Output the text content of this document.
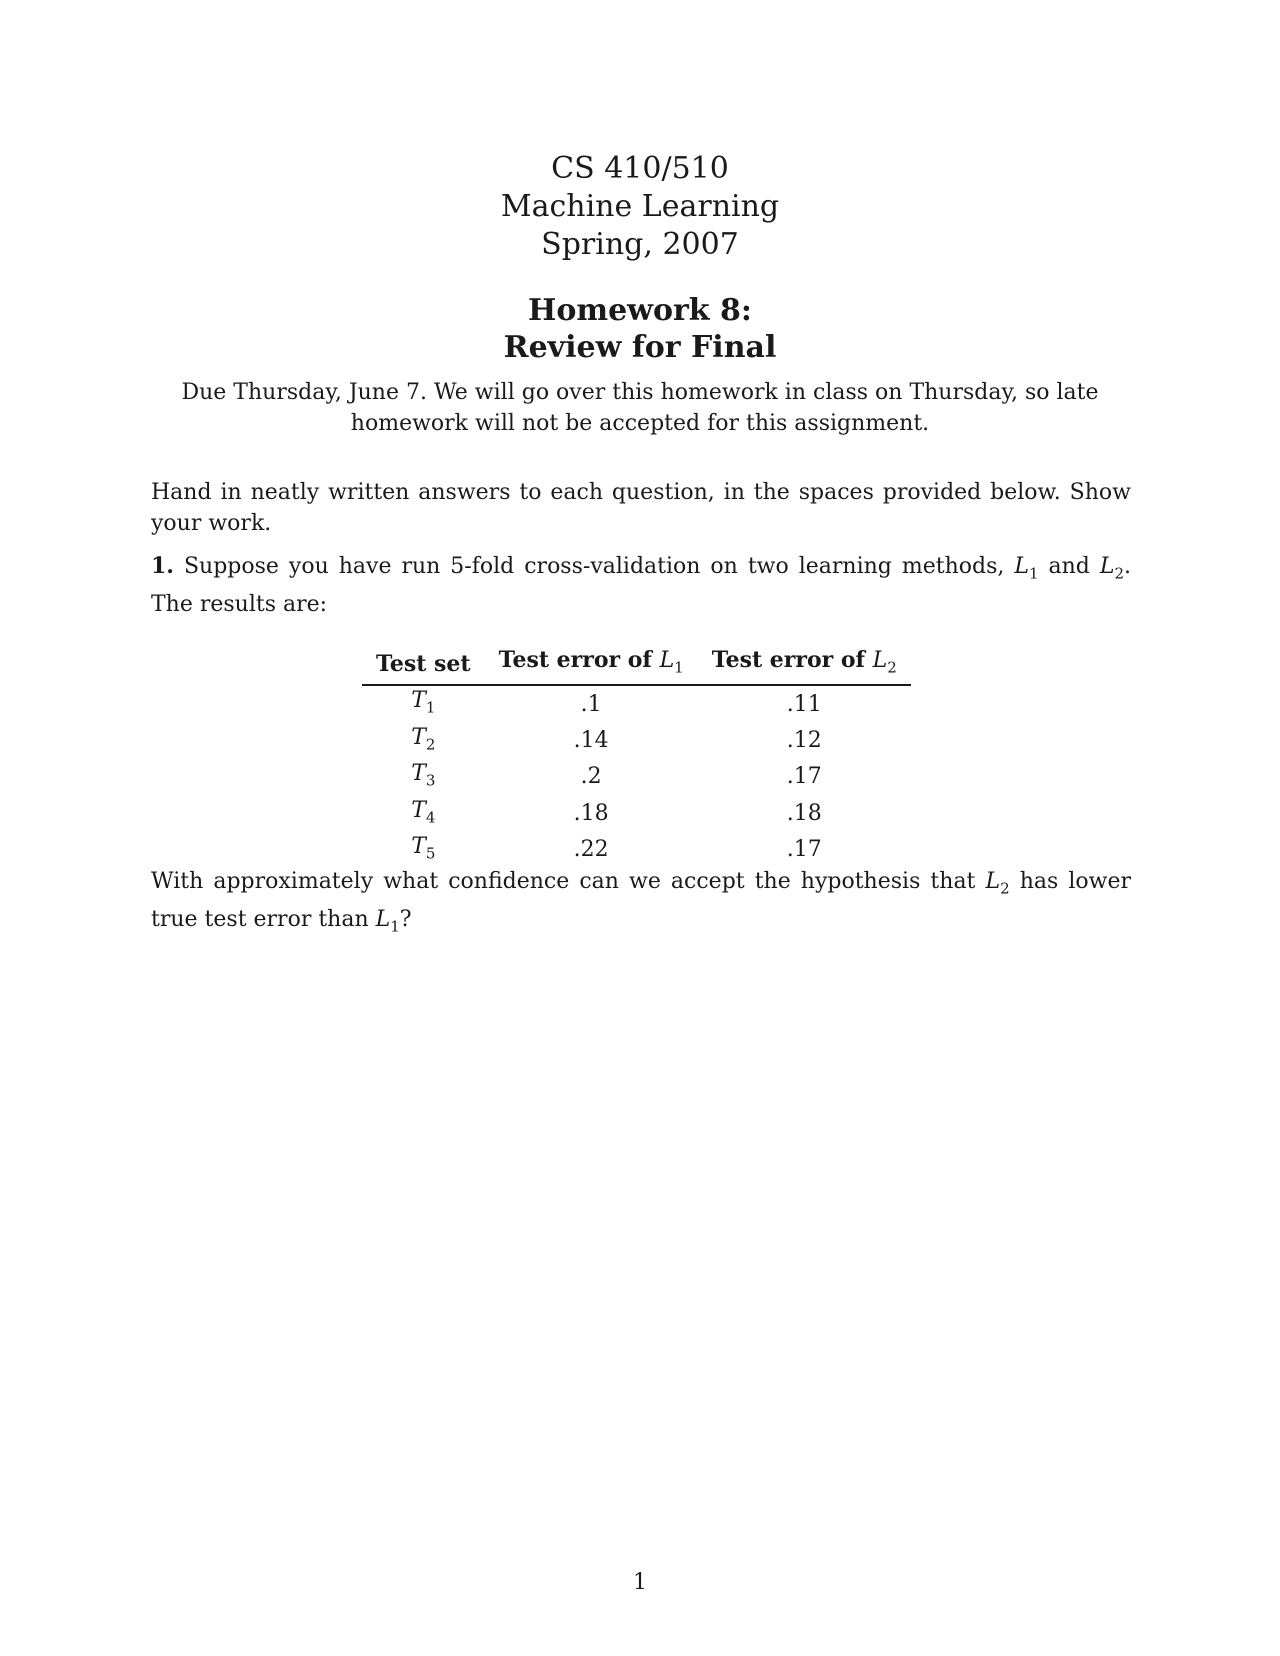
CS 410/510
Machine Learning
Spring, 2007
Homework 8:
Review for Final
Due Thursday, June 7. We will go over this homework in class on Thursday, so late homework will not be accepted for this assignment.
Hand in neatly written answers to each question, in the spaces provided below. Show your work.
1. Suppose you have run 5-fold cross-validation on two learning methods, $L_1$ and $L_2$. The results are:
Test set	Test error of $L_1$	Test error of $L_2$
$T_1$	.1	.11
$T_2$	.14	.12
$T_3$	.2	.17
$T_4$	.18	.18
$T_5$	.22	.17
With approximately what confidence can we accept the hypothesis that $L_2$ has lower true test error than $L_1$?
1
